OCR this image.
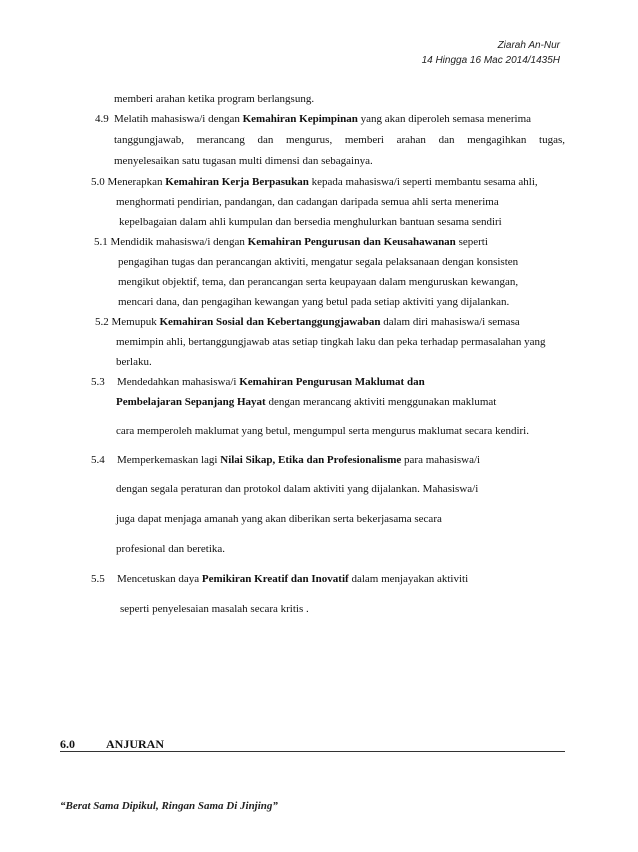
Ziarah An-Nur
14 Hingga 16 Mac 2014/1435H
memberi arahan ketika program berlangsung.
4.9 Melatih mahasiswa/i dengan Kemahiran Kepimpinan yang akan diperoleh semasa menerima
tanggungjawab, merancang dan mengurus, memberi arahan dan mengagihkan tugas,
menyelesaikan satu tugasan multi dimensi dan sebagainya.
5.0 Menerapkan Kemahiran Kerja Berpasukan kepada mahasiswa/i seperti membantu sesama ahli,
menghormati pendirian, pandangan, dan cadangan daripada semua ahli serta menerima
kepelbagaian dalam ahli kumpulan dan bersedia menghulurkan bantuan sesama sendiri
5.1 Mendidik mahasiswa/i dengan Kemahiran Pengurusan dan Keusahawanan seperti
pengagihan tugas dan perancangan aktiviti, mengatur segala pelaksanaan dengan konsisten
mengikut objektif, tema, dan perancangan serta keupayaan dalam menguruskan kewangan,
mencari dana, dan pengagihan kewangan yang betul pada setiap aktiviti yang dijalankan.
5.2 Memupuk Kemahiran Sosial dan Kebertanggungjawaban dalam diri mahasiswa/i semasa
memimpin ahli, bertanggungjawab atas setiap tingkah laku dan peka terhadap permasalahan yang
berlaku.
5.3 Mendedahkan mahasiswa/i Kemahiran Pengurusan Maklumat dan
Pembelajaran Sepanjang Hayat dengan merancang aktiviti menggunakan maklumat
cara memperoleh maklumat yang betul, mengumpul serta mengurus maklumat secara kendiri.
5.4 Memperkemaskan lagi Nilai Sikap, Etika dan Profesionalisme para mahasiswa/i
dengan segala peraturan dan protokol dalam aktiviti yang dijalankan. Mahasiswa/i
juga dapat menjaga amanah yang akan diberikan serta bekerjasama secara
profesional dan beretika.
5.5 Mencetuskan daya Pemikiran Kreatif dan Inovatif dalam menjayakan aktiviti
seperti penyelesaian masalah secara kritis .
6.0	ANJURAN
“Berat Sama Dipikul, Ringan Sama Di Jinjing”
